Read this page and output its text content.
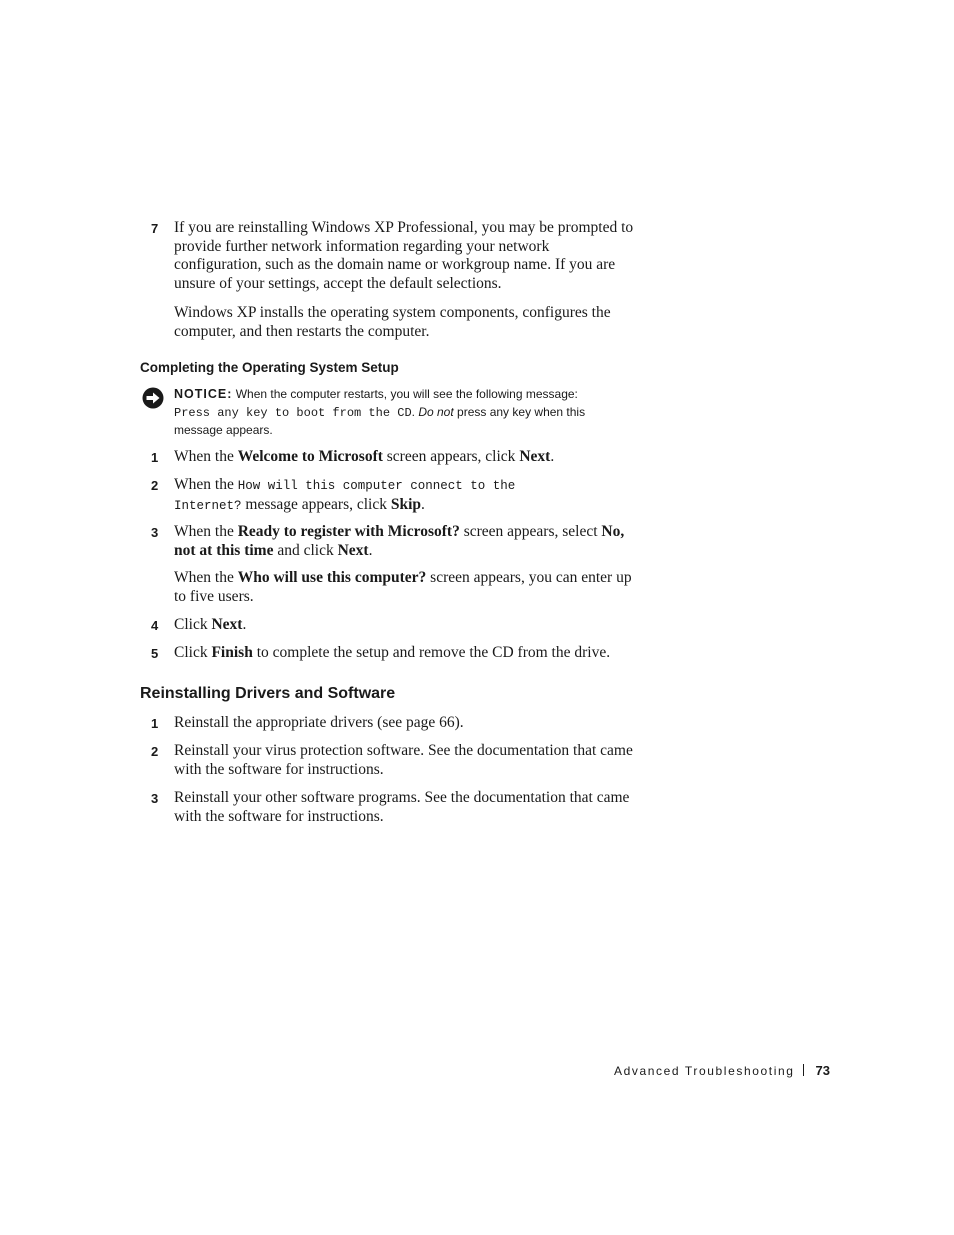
7 If you are reinstalling Windows XP Professional, you may be prompted to provide further network information regarding your network configuration, such as the domain name or workgroup name. If you are unsure of your settings, accept the default selections.
Windows XP installs the operating system components, configures the computer, and then restarts the computer.
Completing the Operating System Setup
NOTICE: When the computer restarts, you will see the following message:
Press any key to boot from the CD. Do not press any key when this message appears.
1 When the Welcome to Microsoft screen appears, click Next.
2 When the How will this computer connect to the Internet? message appears, click Skip.
3 When the Ready to register with Microsoft? screen appears, select No, not at this time and click Next.
When the Who will use this computer? screen appears, you can enter up to five users.
4 Click Next.
5 Click Finish to complete the setup and remove the CD from the drive.
Reinstalling Drivers and Software
1 Reinstall the appropriate drivers (see page 66).
2 Reinstall your virus protection software. See the documentation that came with the software for instructions.
3 Reinstall your other software programs. See the documentation that came with the software for instructions.
Advanced Troubleshooting 73
